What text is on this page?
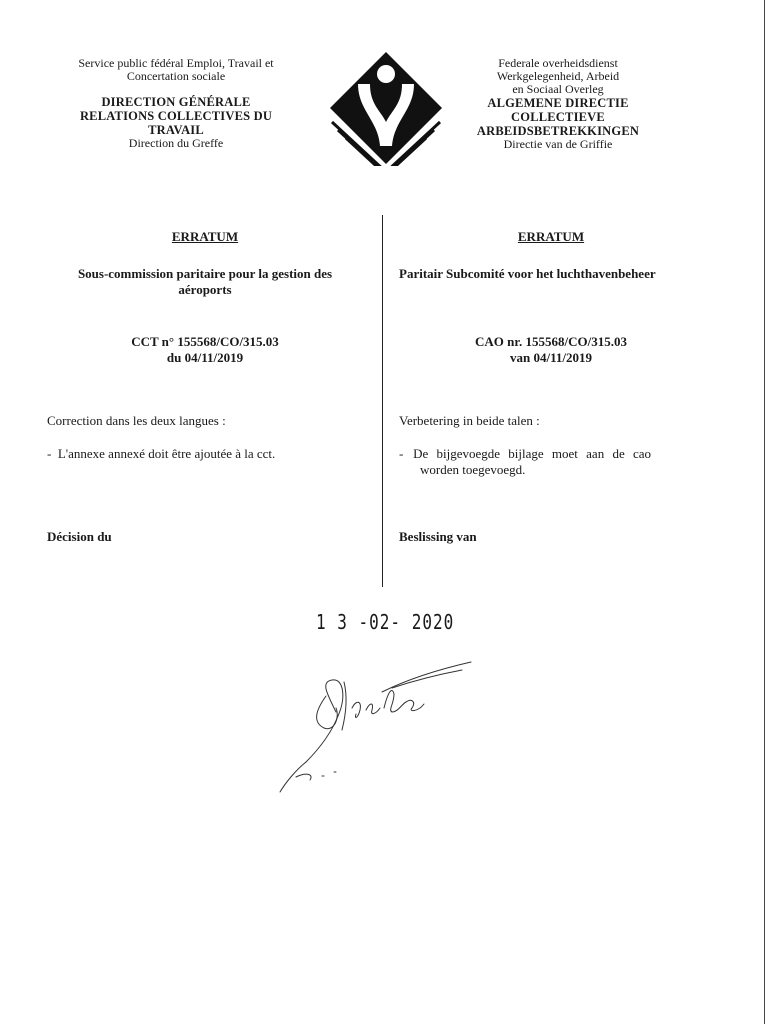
Service public fédéral Emploi, Travail et
Concertation sociale
DIRECTION GÉNÉRALE
RELATIONS COLLECTIVES DU
TRAVAIL
Direction du Greffe
Federale overheidsdienst
Werkgelegenheid, Arbeid
en Sociaal Overleg
ALGEMENE DIRECTIE
COLLECTIEVE
ARBEIDSBETREKKINGEN
Directie van de Griffie
ERRATUM
Sous-commission paritaire pour la gestion des
aéroports
CCT n° 155568/CO/315.03
du 04/11/2019
Correction dans les deux langues :
-  L'annexe annexé doit être ajoutée à la cct.
Décision du
ERRATUM
Paritair Subcomité voor het luchthavenbeheer
CAO nr. 155568/CO/315.03
van 04/11/2019
Verbetering in beide talen :
-   De bijgevoegde bijlage moet aan de cao
worden toegevoegd.
Beslissing van
1 3 -02- 2020
